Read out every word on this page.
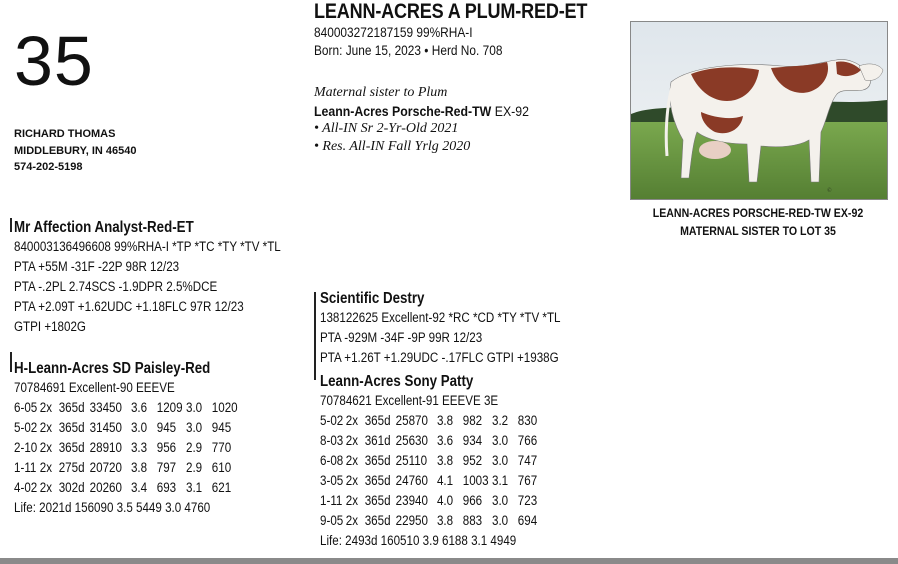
35
RICHARD THOMAS
MIDDLEBURY, IN 46540
574-202-5198
LEANN-ACRES A PLUM-RED-ET
840003272187159 99%RHA-I
Born: June 15, 2023 • Herd No. 708
Maternal sister to Plum
Leann-Acres Porsche-Red-TW EX-92
• All-IN Sr 2-Yr-Old 2021
• Res. All-IN Fall Yrlg 2020
©
LEANN-ACRES PORSCHE-RED-TW EX-92
MATERNAL SISTER TO LOT 35
Mr Affection Analyst-Red-ET
840003136496608 99%RHA-I *TP *TC *TY *TV *TL
PTA +55M -31F -22P 98R 12/23
PTA -.2PL 2.74SCS -1.9DPR 2.5%DCE
PTA +2.09T +1.62UDC +1.18FLC 97R 12/23
GTPI +1802G
H-Leann-Acres SD Paisley-Red
70784691 Excellent-90 EEEVE
6-05	2x	365d	33450	3.6	1209	3.0	1020
5-02	2x	365d	31450	3.0	945	3.0	945
2-10	2x	365d	28910	3.3	956	2.9	770
1-11	2x	275d	20720	3.8	797	2.9	610
4-02	2x	302d	20260	3.4	693	3.1	621
Life: 2021d 156090 3.5 5449 3.0 4760
Scientific Destry
138122625 Excellent-92 *RC *CD *TY *TV *TL
PTA -929M -34F -9P 99R 12/23
PTA +1.26T +1.29UDC -.17FLC GTPI +1938G
Leann-Acres Sony Patty
70784621 Excellent-91 EEEVE 3E
5-02	2x	365d	25870	3.8	982	3.2	830
8-03	2x	361d	25630	3.6	934	3.0	766
6-08	2x	365d	25110	3.8	952	3.0	747
3-05	2x	365d	24760	4.1	1003	3.1	767
1-11	2x	365d	23940	4.0	966	3.0	723
9-05	2x	365d	22950	3.8	883	3.0	694
Life: 2493d 160510 3.9 6188 3.1 4949
